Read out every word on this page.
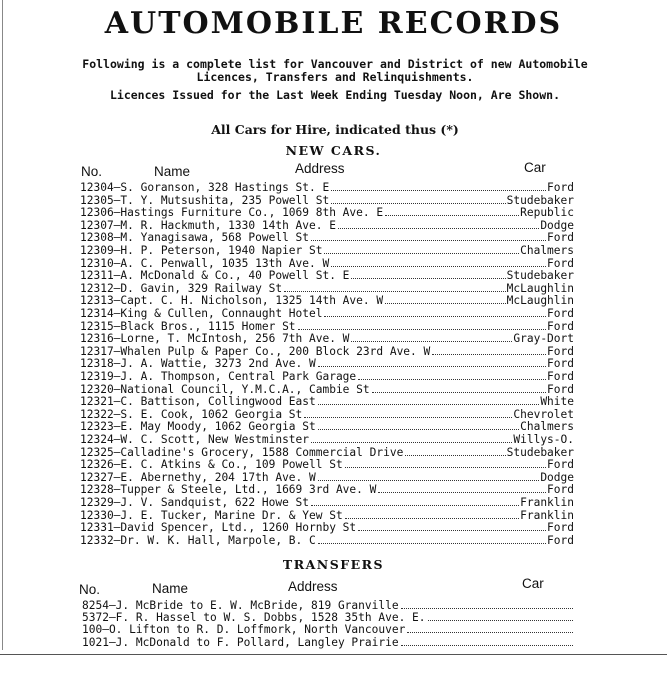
AUTOMOBILE RECORDS
Following is a complete list for Vancouver and District of new Automobile Licences, Transfers and Relinquishments.
Licences Issued for the Last Week Ending Tuesday Noon, Are Shown.
All Cars for Hire, indicated thus (*)
NEW CARS.
No.	Name	Address	Car
12304—S. Goranson, 328 Hastings St. E	Ford
12305—T. Y. Mutsushita, 235 Powell St	Studebaker
12306—Hastings Furniture Co., 1069 8th Ave. E	Republic
12307—M. R. Hackmuth, 1330 14th Ave. E	Dodge
12308—M. Yanagisawa, 568 Powell St	Ford
12309—H. P. Peterson, 1940 Napier St	Chalmers
12310—A. C. Penwall, 1035 13th Ave. W	Ford
12311—A. McDonald & Co., 40 Powell St. E	Studebaker
12312—D. Gavin, 329 Railway St	McLaughlin
12313—Capt. C. H. Nicholson, 1325 14th Ave. W	McLaughlin
12314—King & Cullen, Connaught Hotel	Ford
12315—Black Bros., 1115 Homer St	Ford
12316—Lorne, T. McIntosh, 256 7th Ave. W	Gray-Dort
12317—Whalen Pulp & Paper Co., 200 Block 23rd Ave. W	Ford
12318—J. A. Wattie, 3273 2nd Ave. W	Ford
12319—J. A. Thompson, Central Park Garage	Ford
12320—National Council, Y.M.C.A., Cambie St	Ford
12321—C. Battison, Collingwood East	White
12322—S. E. Cook, 1062 Georgia St	Chevrolet
12323—E. May Moody, 1062 Georgia St	Chalmers
12324—W. C. Scott, New Westminster	Willys-O.
12325—Calladine's Grocery, 1588 Commercial Drive	Studebaker
12326—E. C. Atkins & Co., 109 Powell St	Ford
12327—E. Abernethy, 204 17th Ave. W	Dodge
12328—Tupper & Steele, Ltd., 1669 3rd Ave. W	Ford
12329—J. V. Sandquist, 622 Howe St	Franklin
12330—J. E. Tucker, Marine Dr. & Yew St	Franklin
12331—David Spencer, Ltd., 1260 Hornby St	Ford
12332—Dr. W. K. Hall, Marpole, B. C	Ford
TRANSFERS
No.	Name	Address	Car
8254—J. McBride to E. W. McBride, 819 Granville
5372—F. R. Hassel to W. S. Dobbs, 1528 35th Ave. E.
100—O. Lifton to R. D. Loffmork, North Vancouver
1021—J. McDonald to F. Pollard, Langley Prairie
